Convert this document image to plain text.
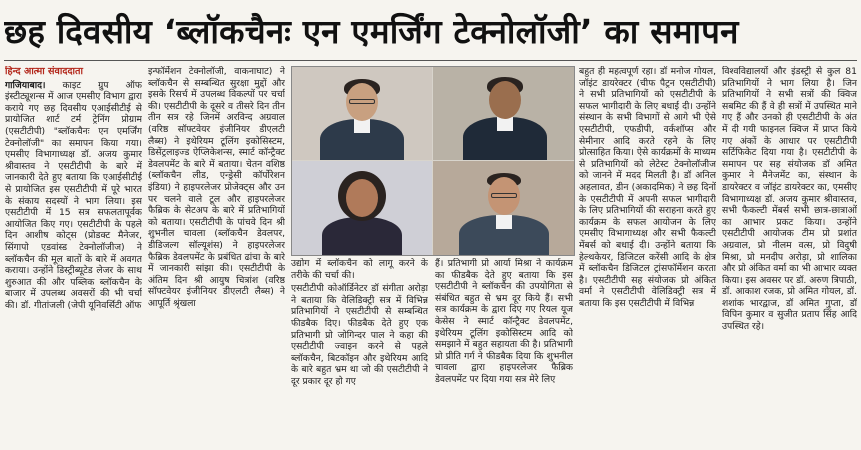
छह दिवसीय ‘ब्लॉकचैनः एन एमर्जिंग टेक्नोलॉजी’ का समापन
हिन्द आत्मा संवाददाता

गाजियाबाद। काइट ग्रुप ऑफ इंस्टीट्यूशन्स में आज एमसीए विभाग द्वारा कराये गए छह दिवसीय एआईसीटीई से प्रायोजित शार्ट टर्म ट्रेनिंग प्रोग्राम (एसटीटीपी) "ब्लॉकचैनः एन एमर्जिंग टेक्नोलॉजी" का समापन किया गया। एमसीए विभागाध्यक्ष डॉ. अजय कुमार श्रीवास्तव ने एसटीटीपी के बारे में जानकारी देते हुए बताया कि एआईसीटीई से प्रायोजित इस एसटीटीपी में पूरे भारत के संकाय सदस्यों ने भाग लिया। इस एसटीटीपी में 15 सत्र सफलतापूर्वक आयोजित किए गए। एसटीटीपी के पहले दिन आशीष कोट्स (प्रोडक्ट मैनेजर, सिंगापो एडवांस्ड टेक्नोलॉजीज) ने ब्लॉकचैन की मूल बातों के बारे में अवगत कराया। उन्होंने डिस्ट्रीब्यूटेड लेजर के साथ शुरुआत की और पब्लिक ब्लॉकचैन के बाजार में उपलब्ध अवसरों की भी चर्चा की। डॉ. गीतांजली (जेपी यूनिवर्सिटी ऑफ

इन्फॉर्मेशन टेक्नोलॉजी, वाकनाघाट) ने ब्लॉकचैन से सम्बन्धित सुरक्षा मुद्दों और इसके रिसर्च में उपलब्ध विकल्पों पर चर्चा की। एसटीटीपी के दूसरे व तीसरे दिन तीन तीन सत्र रहे जिनमें अरविन्द अग्रवाल (वरिष्ठ सॉफ्टवेयर इंजीनियर डीएलटी लैब्स) ने इथेरियम टूलिंग इकोसिस्टम, डिसेंट्रलाइज्ड ऐप्लिकेशन्स, स्मार्ट कॉन्ट्रैक्ट डेवलपमेंट के बारे में बताया। चेतन वशिष्ठ (ब्लॉकचैन लीड, एन्ड्रेसी कॉर्पोरेशन इंडिया) ने हाइपरलेजर प्रोजेक्ट्स और उन पर चलने वाले टूल और हाइपरलेजर फैब्रिक के सेटअप के बारे में प्रतिभागियों को बताया। एसटीटीपी के पांचवे दिन श्री शुभनील चावला (ब्लॉकचैन डेवलपर, डीडिजल्ग सॉल्यूशंस) ने हाइपरलेजर फैब्रिक डेवलपमेंट के प्रबंधित ढांचा के बारे में जानकारी सांझा की। एसटीटीपी के अंतिम दिन श्री आयुष चित्रांश (वरिष्ठ सॉफ्टवेयर इंजीनियर डीएलटी लैब्स) ने आपूर्ति श्रृंखला

उद्योग में ब्लॉकचैन को लागू करने के तरीके की चर्चा की।

एसटीटीपी कोऑर्डिनेटर डॉ संगीता अरोड़ा ने बताया कि वेलिडिक्ट्री सत्र में विभिन्न प्रतिभागियों ने एसटीटीपी से सम्बन्धित फीडबैक दिए। फीडबैक देते हुए एक प्रतिभागी प्रो जोगिन्दर पाल ने कहा की एसटीटीपी ज्वाइन करने से पहले ब्लॉकचैन, बिटकॉइन और इथेरियम आदि के बारे बहुत भ्रम था जो की एसटीटीपी ने दूर प्रकार दूर हो गए

हैं। प्रतिभागी प्रो आर्या मिश्रा ने कार्यक्रम का फीडबैक देते हुए बताया कि इस एसटीटीपी ने ब्लॉकचैन की उपयोगिता से संबंधित बहुत से भ्रम दूर किये हैं। सभी सत्र कार्यक्रम के द्वारा दिए गए रियल यूज केसेस ने स्मार्ट कॉन्ट्रैक्ट डेवलपमेंट, इथेरियम टूलिंग इकोसिस्टम आदि को समझाने में बहुत सहायता की है। प्रतिभागी प्रो प्रीति गर्ग ने फीडबैक दिया कि शुभनील चावला द्वारा हाइपरलेजर फैब्रिक डेवलपमेंट पर दिया गया सत्र मेरे लिए

बहुत ही महत्वपूर्ण रहा। डॉ मनोज गोयल, जॉइंट डायरेक्टर (चीफ पैट्रन एसटीटीपी) ने सभी प्रतिभागियों को एसटीटीपी के सफल भागीदारी के लिए बधाई दी। उन्होंने संस्थान के सभी विभागों से आगे भी ऐसे एसटीटीपी, एफडीपी, वर्कशॉप्स और सेमीनार आदि करते रहने के लिए प्रोत्साहित किया। ऐसे कार्यक्रमों के माध्यम से प्रतिभागियों को लेटेस्ट टेक्नोलॉजीज को जानने में मदद मिलती है। डॉ अनिल अहलावत, डीन (अकादमिक) ने छह दिनों के एसटीटीपी में अपनी सफल भागीदारी के लिए प्रतिभागियों की सराहना करते हुए कार्यक्रम के सफल आयोजन के लिए एमसीए विभागाध्यक्ष और सभी फैकल्टी मेंबर्स को बधाई दी। उन्होंने बताया कि हेल्थकेयर, डिजिटल करेंसी आदि के क्षेत्र में ब्लॉकचैन डिजिटल ट्रांसफॉर्मेशन करता है। एसटीटीपी सह संयोजक प्रो अंकित वर्मा ने एसटीटीपी वेलिडिक्ट्री सत्र में बताया कि इस एसटीटीपी में विभिन्न

विश्वविद्यालयों और इंडस्ट्री से कुल 81 प्रतिभागियों ने भाग लिया है। जिन प्रतिभागियों ने सभी सत्रों की क्विज सबमिट की हैं वे ही सत्रों में उपस्थित माने गए हैं और उनको ही एसटीटीपी के अंत में दी गयी फाइनल क्विज में प्राप्त किये गए अंकों के आधार पर एसटीटीपी सर्टिफिकेट दिया गया है। एसटीटीपी के समापन पर सह संयोजक डॉ अमित कुमार ने मैनेजमेंट का, संस्थान के डायरेक्टर व जॉइंट डायरेक्टर का, एमसीए विभागाध्यक्ष डॉ. अजय कुमार श्रीवास्तव, सभी फैकल्टी मेंबर्स सभी छात्र-छात्राओं का आभार प्रकट किया। उन्होंने एसटीटीपी आयोजक टीम प्रो प्रशांत अग्रवाल, प्रो नीलम वत्स, प्रो विदुषी मिश्रा, प्रो मनदीप अरोड़ा, प्रो शालिका और प्रो अंकित वर्मा का भी आभार व्यक्त किया। इस अवसर पर डॉ. अरुण त्रिपाठी, डॉ. आकाश रजक, प्रो अमित गोयल, डॉ. शशांक भारद्वाज, डॉ अमित गुप्ता, डॉ विपिन कुमार व सुजीत प्रताप सिंह आदि उपस्थित रहे।
